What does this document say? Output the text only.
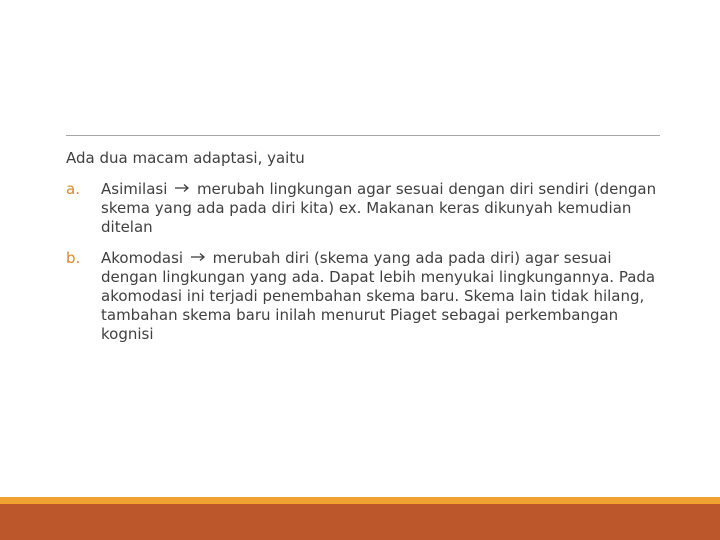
Ada dua macam adaptasi, yaitu

a. Asimilasi merubah lingkungan agar sesuai dengan diri sendiri (dengan skema yang ada pada diri kita) ex. Makanan keras dikunyah kemudian ditelan
b. Akomodasi merubah diri (skema yang ada pada diri) agar sesuai dengan lingkungan yang ada. Dapat lebih menyukai lingkungannya. Pada akomodasi ini terjadi penembahan skema baru. Skema lain tidak hilang, tambahan skema baru inilah menurut Piaget sebagai perkembangan kognisi
